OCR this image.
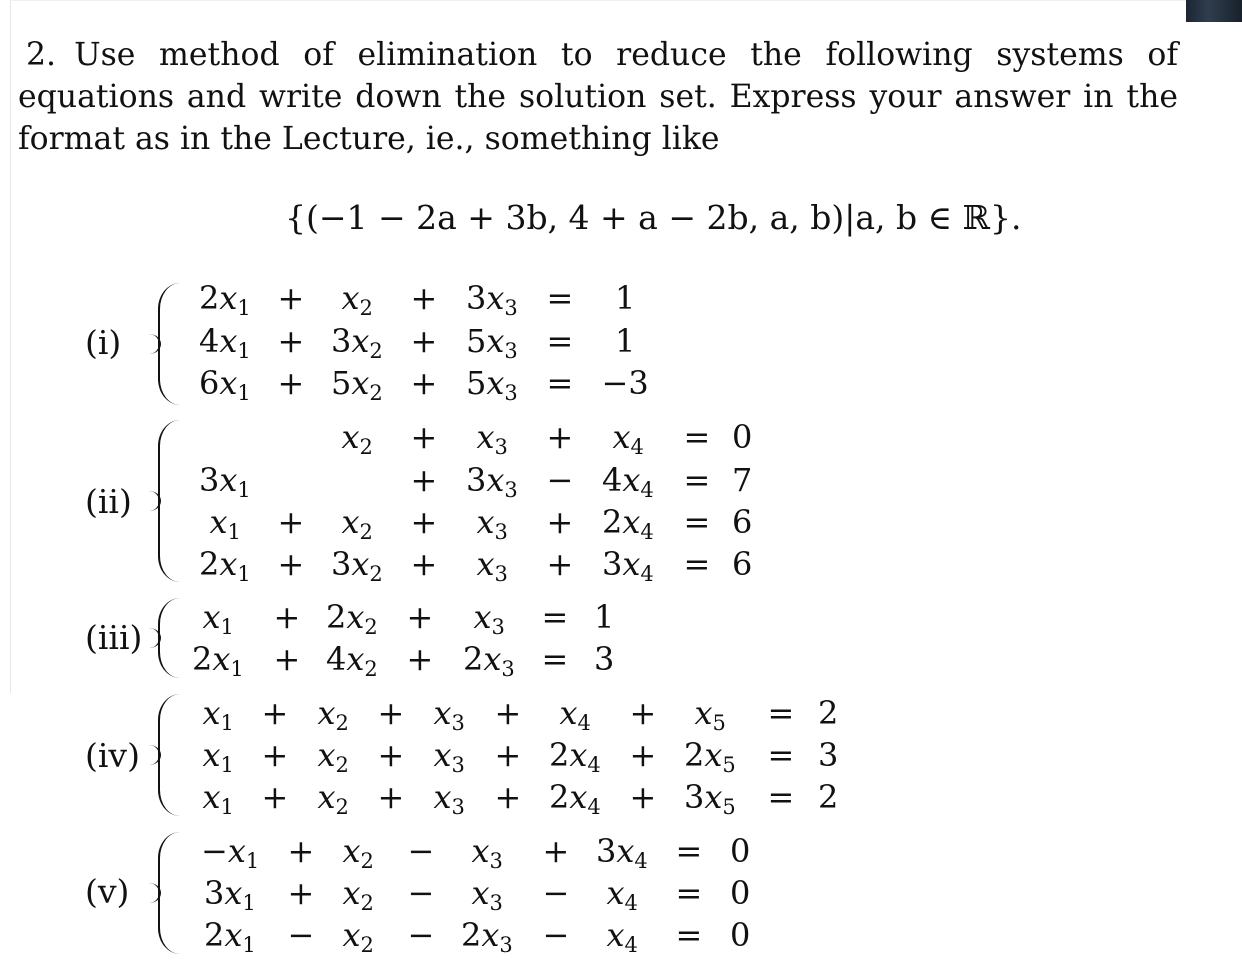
2. Use method of elimination to reduce the following systems of equations and write down the solution set. Express your answer in the format as in the Lecture, ie., something like
{(−1 − 2a + 3b, 4 + a − 2b, a, b)|a, b ∈ ℝ}.
(i)
$2x_1 + x_2 + 3x_3 = 1$
$4x_1 + 3x_2 + 5x_3 = 1$
$6x_1 + 5x_2 + 5x_3 = -3$
(ii)
$x_2 + x_3 + x_4 = 0$
$3x_1$	+ $3x_3 - 4x_4 = 7$
$x_1 + x_2 + x_3 + 2x_4 = 6$
$2x_1 + 3x_2 + x_3 + 3x_4 = 6$
(iii)
$x_1 + 2x_2 + x_3 = 1$
$2x_1 + 4x_2 + 2x_3 = 3$
(iv)
$x_1 + x_2 + x_3 + x_4 + x_5 = 2$
$x_1 + x_2 + x_3 + 2x_4 + 2x_5 = 3$
$x_1 + x_2 + x_3 + 2x_4 + 3x_5 = 2$
(v)
$-x_1 + x_2 - x_3 + 3x_4 = 0$
$3x_1 + x_2 - x_3 - x_4 = 0$
$2x_1 - x_2 - 2x_3 - x_4 = 0$
